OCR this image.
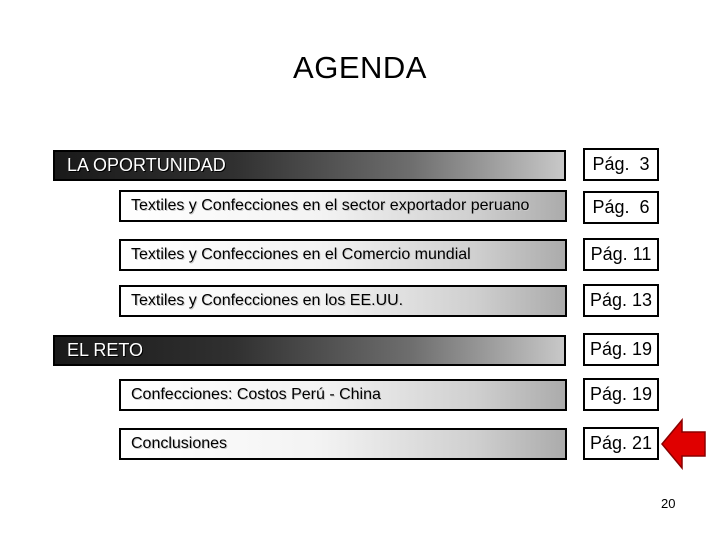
AGENDA
LA OPORTUNIDAD	Pág.  3
Textiles y Confecciones en el sector exportador peruano	Pág.  6
Textiles y Confecciones en el Comercio mundial	Pág. 11
Textiles y Confecciones en los EE.UU.	Pág. 13
EL RETO	Pág. 19
Confecciones: Costos Perú - China	Pág. 19
Conclusiones	Pág. 21
20
